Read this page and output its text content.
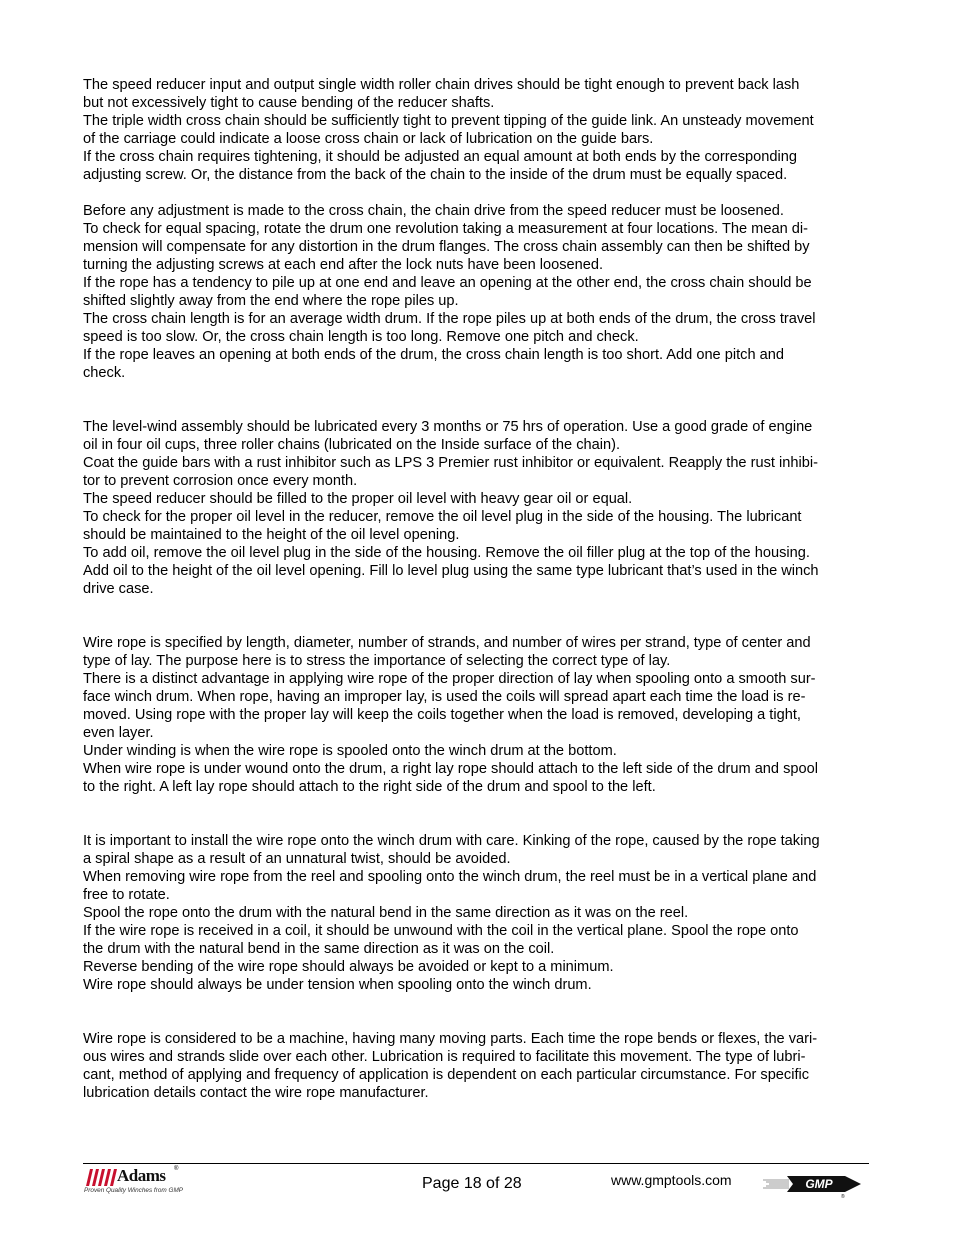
The speed reducer input and output single width roller chain drives should be tight enough to prevent back lash
but not excessively tight to cause bending of the reducer shafts.
The triple width cross chain should be sufficiently tight to prevent tipping of the guide link. An unsteady movement
of the carriage could indicate a loose cross chain or lack of lubrication on the guide bars.
If the cross chain requires tightening, it should be adjusted an equal amount at both ends by the corresponding
adjusting screw. Or, the distance from the back of the chain to the inside of the drum must be equally spaced.
Before any adjustment is made to the cross chain, the chain drive from the speed reducer must be loosened.
To check for equal spacing, rotate the drum one revolution taking a measurement at four locations. The mean di-
mension will compensate for any distortion in the drum flanges. The cross chain assembly can then be shifted by
turning the adjusting screws at each end after the lock nuts have been loosened.
If the rope has a tendency to pile up at one end and leave an opening at the other end, the cross chain should be
shifted slightly away from the end where the rope piles up.
The cross chain length is for an average width drum. If the rope piles up at both ends of the drum, the cross travel
speed is too slow. Or, the cross chain length is too long. Remove one pitch and check.
If the rope leaves an opening at both ends of the drum, the cross chain length is too short. Add one pitch and
check.
The level-wind assembly should be lubricated every 3 months or 75 hrs of operation. Use a good grade of engine
oil in four oil cups, three roller chains (lubricated on the Inside surface of the chain).
Coat the guide bars with a rust inhibitor such as LPS 3 Premier rust inhibitor or equivalent. Reapply the rust inhibi-
tor to prevent corrosion once every month.
The speed reducer should be filled to the proper oil level with heavy gear oil or equal.
To check for the proper oil level in the reducer, remove the oil level plug in the side of the housing. The lubricant
should be maintained to the height of the oil level opening.
To add oil, remove the oil level plug in the side of the housing. Remove the oil filler plug at the top of the housing.
Add oil to the height of the oil level opening. Fill lo level plug using the same type lubricant that’s used in the winch
drive case.
Wire rope is specified by length, diameter, number of strands, and number of wires per strand, type of center and
type of lay. The purpose here is to stress the importance of selecting the correct type of lay.
There is a distinct advantage in applying wire rope of the proper direction of lay when spooling onto a smooth sur-
face winch drum. When rope, having an improper lay, is used the coils will spread apart each time the load is re-
moved. Using rope with the proper lay will keep the coils together when the load is removed, developing a tight,
even layer.
Under winding is when the wire rope is spooled onto the winch drum at the bottom.
When wire rope is under wound onto the drum, a right lay rope should attach to the left side of the drum and spool
to the right. A left lay rope should attach to the right side of the drum and spool to the left.
It is important to install the wire rope onto the winch drum with care. Kinking of the rope, caused by the rope taking
a spiral shape as a result of an unnatural twist, should be avoided.
When removing wire rope from the reel and spooling onto the winch drum, the reel must be in a vertical plane and
free to rotate.
Spool the rope onto the drum with the natural bend in the same direction as it was on the reel.
If the wire rope is received in a coil, it should be unwound with the coil in the vertical plane. Spool the rope onto
the drum with the natural bend in the same direction as it was on the coil.
Reverse bending of the wire rope should always be avoided or kept to a minimum.
Wire rope should always be under tension when spooling onto the winch drum.
Wire rope is considered to be a machine, having many moving parts. Each time the rope bends or flexes, the vari-
ous wires and strands slide over each other. Lubrication is required to facilitate this movement. The type of lubri-
cant, method of applying and frequency of application is dependent on each particular circumstance. For specific
lubrication details contact the wire rope manufacturer.
Adams ®
Proven Quality Winches from GMP	Page 18 of 28	www.gmptools.com	GMP
®
